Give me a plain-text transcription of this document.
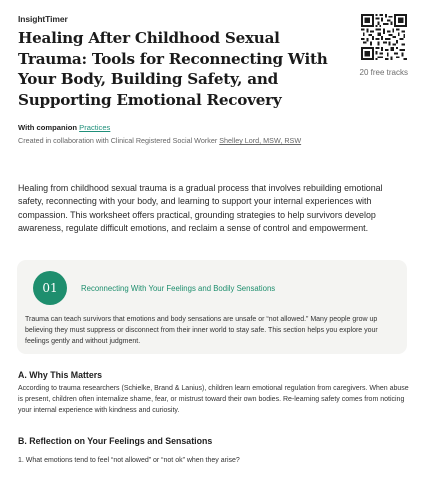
InsightTimer
20 free tracks
Healing After Childhood Sexual Trauma: Tools for Reconnecting With Your Body, Building Safety, and Supporting Emotional Recovery
With companion Practices
Created in collaboration with Clinical Registered Social Worker Shelley Lord, MSW, RSW

Healing from childhood sexual trauma is a gradual process that involves rebuilding emotional safety, reconnecting with your body, and learning to support your internal experiences with compassion. This worksheet offers practical, grounding strategies to help survivors develop awareness, regulate difficult emotions, and reclaim a sense of control and empowerment.

01	Reconnecting With Your Feelings and Bodily Sensations

Trauma can teach survivors that emotions and body sensations are unsafe or “not allowed.” Many people grow up believing they must suppress or disconnect from their inner world to stay safe. This section helps you explore your feelings gently and without judgment.

A. Why This Matters

According to trauma researchers (Schielke, Brand & Lanius), children learn emotional regulation from caregivers. When abuse is present, children often internalize shame, fear, or mistrust toward their own bodies. Re-learning safety comes from noticing your internal experience with kindness and curiosity.

B. Reflection on Your Feelings and Sensations

1. What emotions tend to feel “not allowed” or “not ok” when they arise?
